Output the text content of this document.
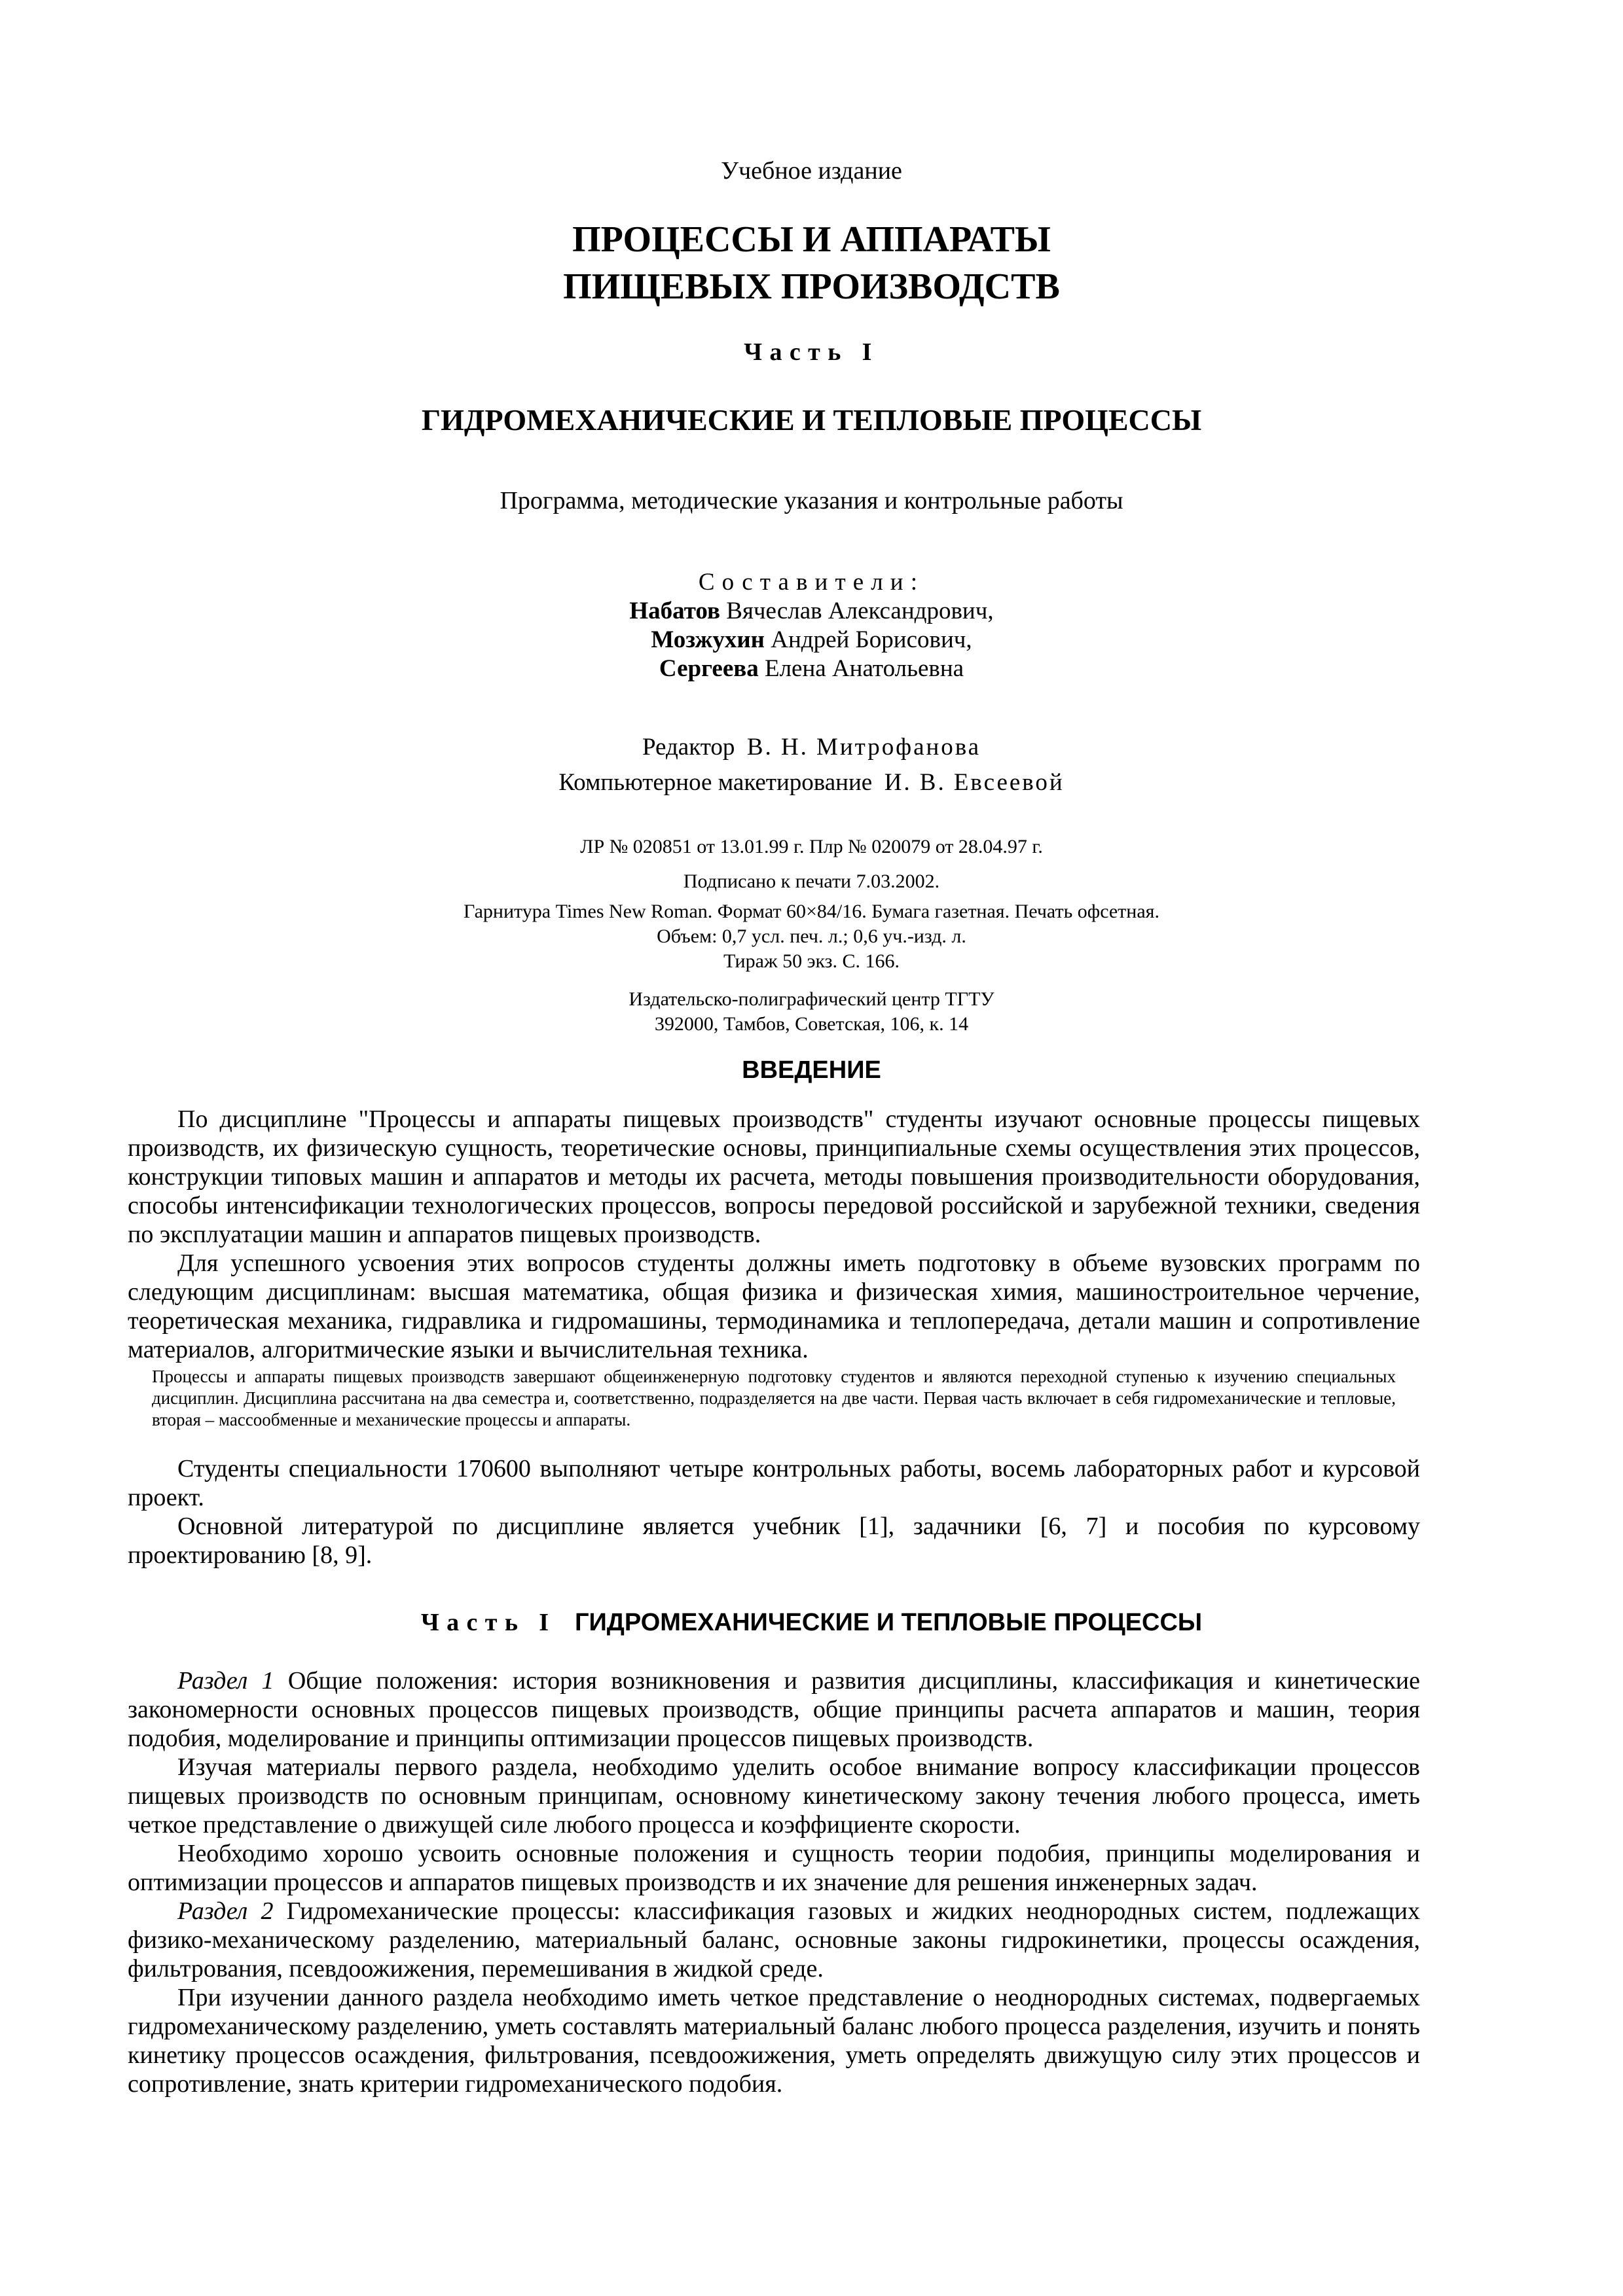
Учебное издание
ПРОЦЕССЫ И АППАРАТЫ
ПИЩЕВЫХ ПРОИЗВОДСТВ
Часть I
ГИДРОМЕХАНИЧЕСКИЕ И ТЕПЛОВЫЕ ПРОЦЕССЫ
Программа, методические указания и контрольные работы
Составители:
Набатов Вячеслав Александрович,
Мозжухин Андрей Борисович,
Сергеева Елена Анатольевна
Редактор В. Н. Митрофанова
Компьютерное макетирование И. В. Евсеевой
ЛР № 020851 от 13.01.99 г. Плр № 020079 от 28.04.97 г.
Подписано к печати 7.03.2002.
Гарнитура Times New Roman. Формат 60×84/16. Бумага газетная. Печать офсетная.
Объем: 0,7 усл. печ. л.; 0,6 уч.-изд. л.
Тираж 50 экз. С. 166.
Издательско-полиграфический центр ТГТУ
392000, Тамбов, Советская, 106, к. 14
ВВЕДЕНИЕ

По дисциплине "Процессы и аппараты пищевых производств" студенты изучают основные процессы пищевых производств, их физическую сущность, теоретические основы, принципиальные схемы осуществления этих процессов, конструкции типовых машин и аппаратов и методы их расчета, методы повышения производительности оборудования, способы интенсификации технологических процессов, вопросы передовой российской и зарубежной техники, сведения по эксплуатации машин и аппаратов пищевых производств.

Для успешного усвоения этих вопросов студенты должны иметь подготовку в объеме вузовских программ по следующим дисциплинам: высшая математика, общая физика и физическая химия, машиностроительное черчение, теоретическая механика, гидравлика и гидромашины, термодинамика и теплопередача, детали машин и сопротивление материалов, алгоритмические языки и вычислительная техника.

Процессы и аппараты пищевых производств завершают общеинженерную подготовку студентов и являются переходной ступенью к изучению специальных дисциплин. Дисциплина рассчитана на два семестра и, соответственно, подразделяется на две части. Первая часть включает в себя гидромеханические и тепловые, вторая – массообменные и механические процессы и аппараты.

Студенты специальности 170600 выполняют четыре контрольных работы, восемь лабораторных работ и курсовой проект.

Основной литературой по дисциплине является учебник [1], задачники [6, 7] и пособия по курсовому проектированию [8, 9].

Часть I ГИДРОМЕХАНИЧЕСКИЕ И ТЕПЛОВЫЕ ПРОЦЕССЫ

Раздел 1 Общие положения: история возникновения и развития дисциплины, классификация и кинетические закономерности основных процессов пищевых производств, общие принципы расчета аппаратов и машин, теория подобия, моделирование и принципы оптимизации процессов пищевых производств.

Изучая материалы первого раздела, необходимо уделить особое внимание вопросу классификации процессов пищевых производств по основным принципам, основному кинетическому закону течения любого процесса, иметь четкое представление о движущей силе любого процесса и коэффициенте скорости.

Необходимо хорошо усвоить основные положения и сущность теории подобия, принципы моделирования и оптимизации процессов и аппаратов пищевых производств и их значение для решения инженерных задач.

Раздел 2 Гидромеханические процессы: классификация газовых и жидких неоднородных систем, подлежащих физико-механическому разделению, материальный баланс, основные законы гидрокинетики, процессы осаждения, фильтрования, псевдоожижения, перемешивания в жидкой среде.

При изучении данного раздела необходимо иметь четкое представление о неоднородных системах, подвергаемых гидромеханическому разделению, уметь составлять материальный баланс любого процесса разделения, изучить и понять кинетику процессов осаждения, фильтрования, псевдоожижения, уметь определять движущую силу этих процессов и сопротивление, знать критерии гидромеханического подобия.
